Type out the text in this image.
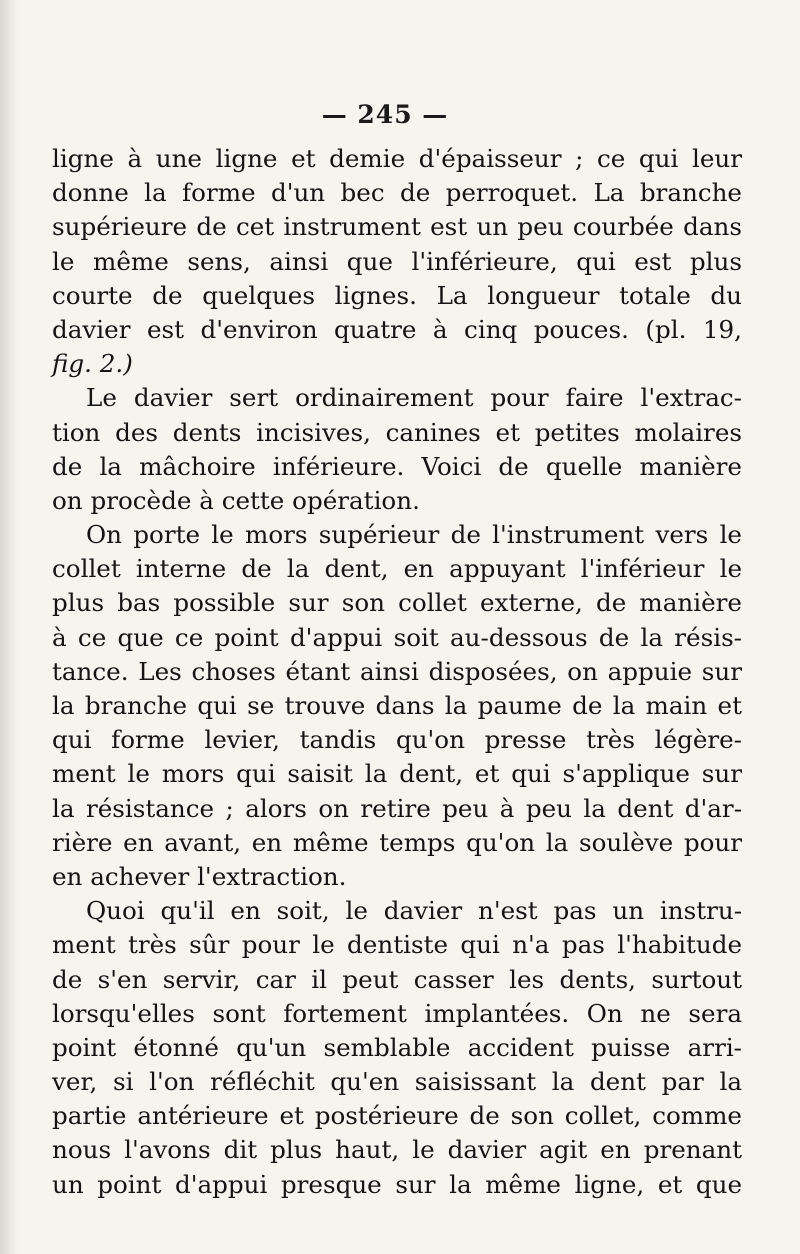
— 245 —
ligne à une ligne et demie d'épaisseur ; ce qui leur
donne la forme d'un bec de perroquet. La branche
supérieure de cet instrument est un peu courbée dans
le même sens, ainsi que l'inférieure, qui est plus
courte de quelques lignes. La longueur totale du
davier est d'environ quatre à cinq pouces. (pl. 19,
fig. 2.)
Le davier sert ordinairement pour faire l'extrac-
tion des dents incisives, canines et petites molaires
de la mâchoire inférieure. Voici de quelle manière
on procède à cette opération.
On porte le mors supérieur de l'instrument vers le
collet interne de la dent, en appuyant l'inférieur le
plus bas possible sur son collet externe, de manière
à ce que ce point d'appui soit au-dessous de la résis-
tance. Les choses étant ainsi disposées, on appuie sur
la branche qui se trouve dans la paume de la main et
qui forme levier, tandis qu'on presse très légère-
ment le mors qui saisit la dent, et qui s'applique sur
la résistance ; alors on retire peu à peu la dent d'ar-
rière en avant, en même temps qu'on la soulève pour
en achever l'extraction.
Quoi qu'il en soit, le davier n'est pas un instru-
ment très sûr pour le dentiste qui n'a pas l'habitude
de s'en servir, car il peut casser les dents, surtout
lorsqu'elles sont fortement implantées. On ne sera
point étonné qu'un semblable accident puisse arri-
ver, si l'on réfléchit qu'en saisissant la dent par la
partie antérieure et postérieure de son collet, comme
nous l'avons dit plus haut, le davier agit en prenant
un point d'appui presque sur la même ligne, et que
